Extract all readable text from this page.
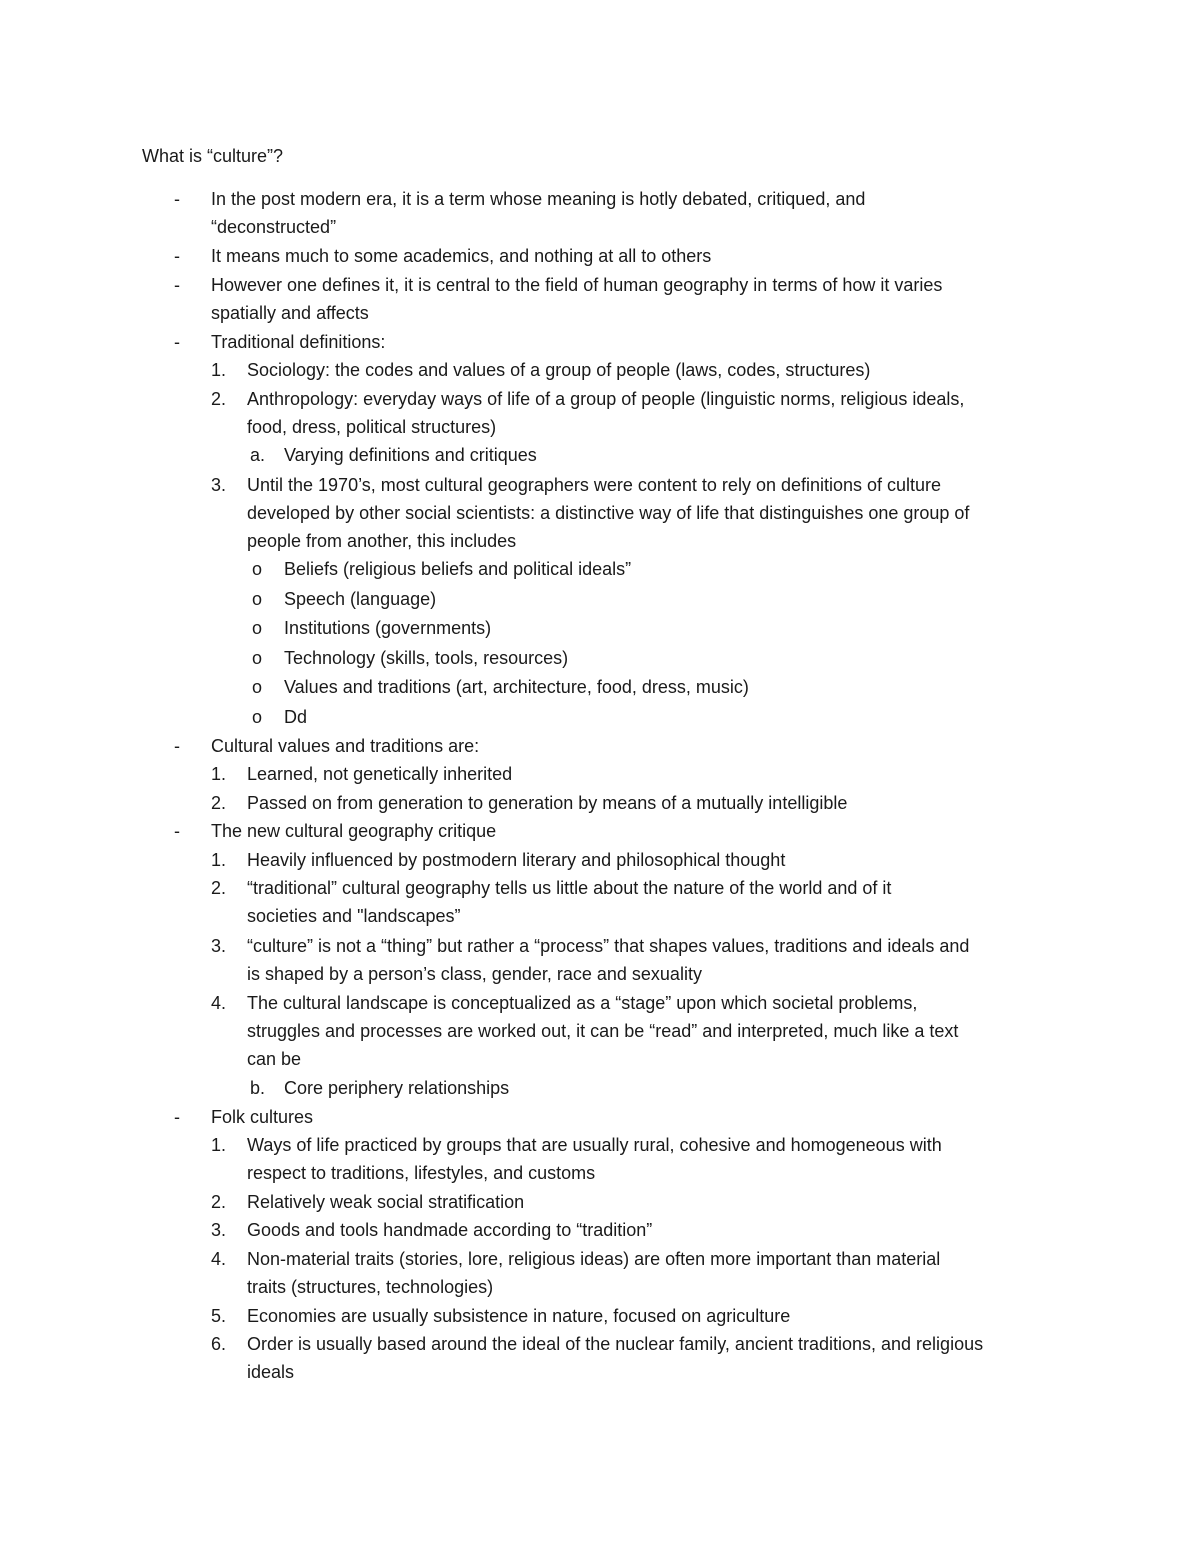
What is “culture”?
- In the post modern era, it is a term whose meaning is hotly debated, critiqued, and
“deconstructed”
- It means much to some academics, and nothing at all to others
- However one defines it, it is central to the field of human geography in terms of how it varies
spatially and affects
- Traditional definitions:
1. Sociology: the codes and values of a group of people (laws, codes, structures)
2. Anthropology: everyday ways of life of a group of people (linguistic norms, religious ideals,
food, dress, political structures)
a. Varying definitions and critiques
3. Until the 1970’s, most cultural geographers were content to rely on definitions of culture
developed by other social scientists: a distinctive way of life that distinguishes one group of
people from another, this includes
o Beliefs (religious beliefs and political ideals”
o Speech (language)
o Institutions (governments)
o Technology (skills, tools, resources)
o Values and traditions (art, architecture, food, dress, music)
o Dd
- Cultural values and traditions are:
1. Learned, not genetically inherited
2. Passed on from generation to generation by means of a mutually intelligible
- The new cultural geography critique
1. Heavily influenced by postmodern literary and philosophical thought
2. “traditional” cultural geography tells us little about the nature of the world and of it
societies and "landscapes”
3. “culture” is not a “thing” but rather a “process” that shapes values, traditions and ideals and
is shaped by a person’s class, gender, race and sexuality
4. The cultural landscape is conceptualized as a “stage” upon which societal problems,
struggles and processes are worked out, it can be “read” and interpreted, much like a text
can be
b. Core periphery relationships
- Folk cultures
1. Ways of life practiced by groups that are usually rural, cohesive and homogeneous with
respect to traditions, lifestyles, and customs
2. Relatively weak social stratification
3. Goods and tools handmade according to “tradition”
4. Non-material traits (stories, lore, religious ideas) are often more important than material
traits (structures, technologies)
5. Economies are usually subsistence in nature, focused on agriculture
6. Order is usually based around the ideal of the nuclear family, ancient traditions, and religious
ideals
